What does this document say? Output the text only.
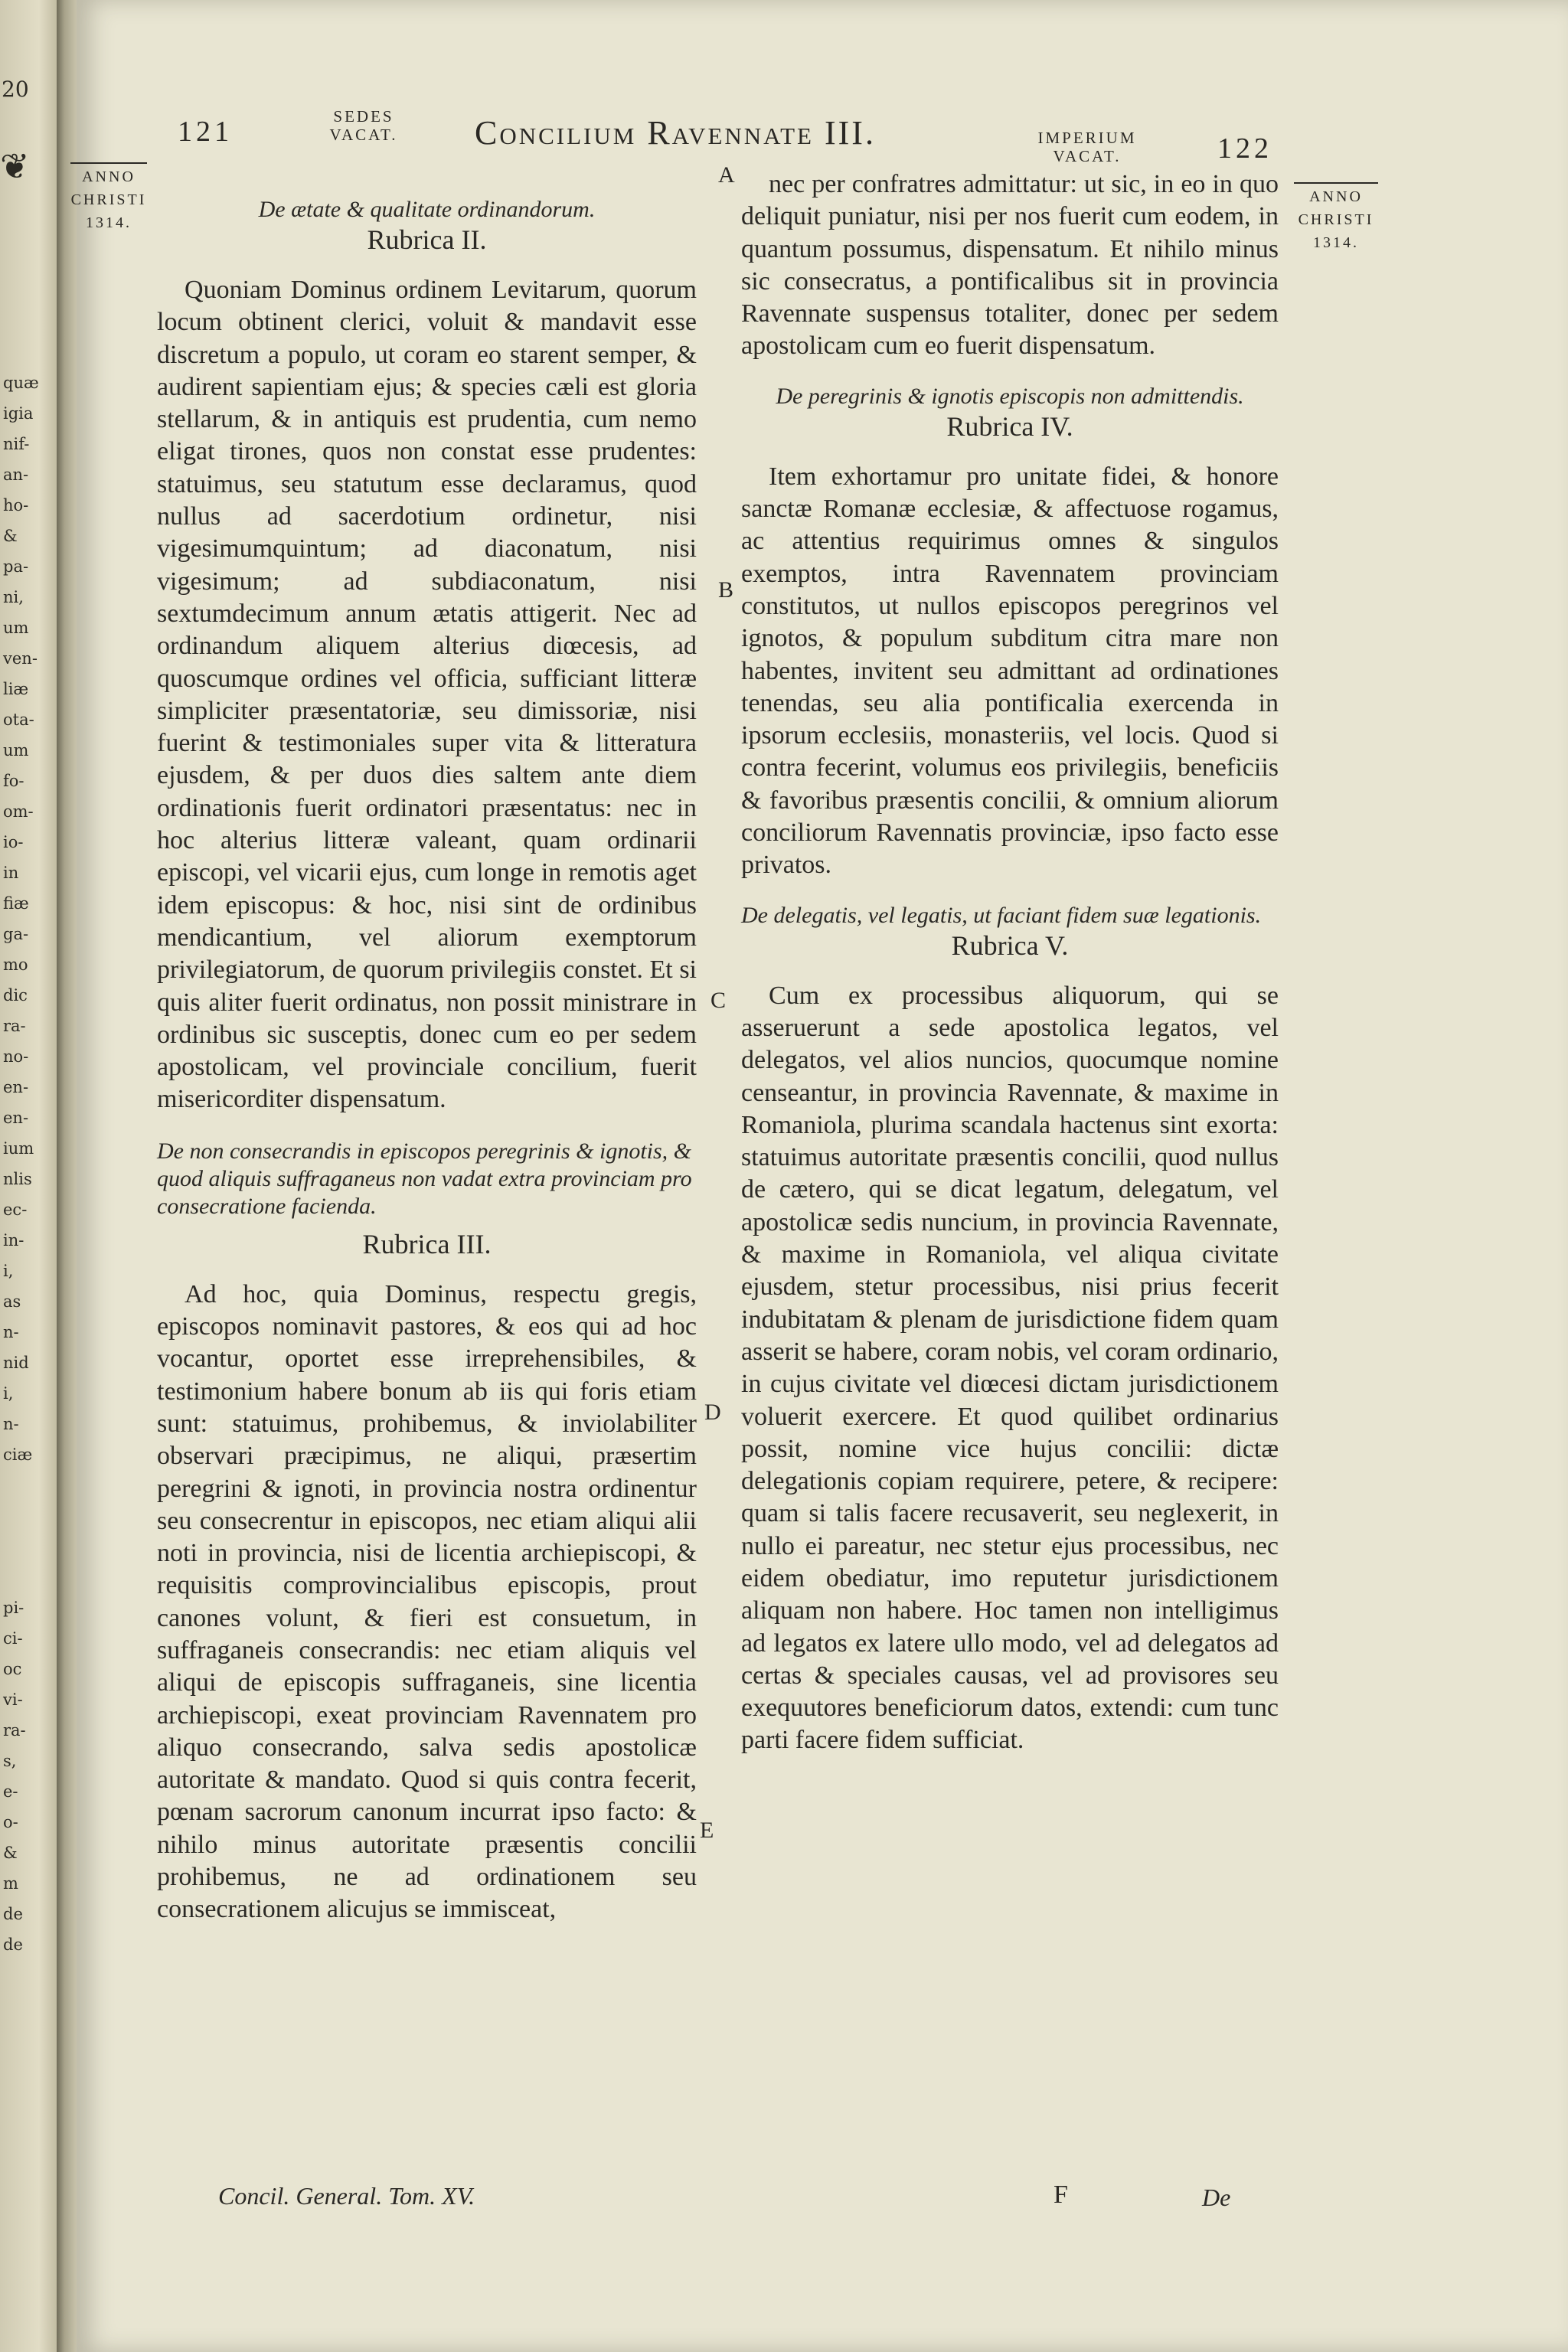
20
❦
quæ
igia
nif-
an-
ho-
&
pa-
ni,
um
ven-
liæ
ota-
um
fo-
om-
io-
in
fiæ
ga-
mo
dic
ra-
no-
en-
en-
ium
nlis
ec-
in-
i,
as
n-
nid
i,
n-
ciæ

pi-
ci-
oc
vi-
ra-
s,
e-
o-
&
m
de
de
ANNO CHRISTI
1314.
ANNO CHRISTI
1314.
121	SEDES VACAT.	Concilium Ravennate III.	IMPERIUM VACAT.	122
A
B
C
D
E

De ætate & qualitate ordinandorum.

Rubrica II.

Quoniam Dominus ordinem Levitarum, quorum locum obtinent clerici, voluit & mandavit esse discretum a populo, ut coram eo starent semper, & audirent sapientiam ejus; & species cæli est gloria stellarum, & in antiquis est prudentia, cum nemo eligat tirones, quos non constat esse prudentes: statuimus, seu statutum esse declaramus, quod nullus ad sacerdotium ordinetur, nisi vigesimumquintum; ad diaconatum, nisi vigesimum; ad subdiaconatum, nisi sextumdecimum annum ætatis attigerit. Nec ad ordinandum aliquem alterius diœcesis, ad quoscumque ordines vel officia, sufficiant litteræ simpliciter præsentatoriæ, seu dimissoriæ, nisi fuerint & testimoniales super vita & litteratura ejusdem, & per duos dies saltem ante diem ordinationis fuerit ordinatori præsentatus: nec in hoc alterius litteræ valeant, quam ordinarii episcopi, vel vicarii ejus, cum longe in remotis aget idem episcopus: & hoc, nisi sint de ordinibus mendicantium, vel aliorum exemptorum privilegiatorum, de quorum privilegiis constet. Et si quis aliter fuerit ordinatus, non possit ministrare in ordinibus sic susceptis, donec cum eo per sedem apostolicam, vel provinciale concilium, fuerit misericorditer dispensatum.

De non consecrandis in episcopos peregrinis & ignotis, & quod aliquis suffraganeus non vadat extra provinciam pro consecratione facienda.

Rubrica III.

Ad hoc, quia Dominus, respectu gregis, episcopos nominavit pastores, & eos qui ad hoc vocantur, oportet esse irreprehensibiles, & testimonium habere bonum ab iis qui foris etiam sunt: statuimus, prohibemus, & inviolabiliter observari præcipimus, ne aliqui, præsertim peregrini & ignoti, in provincia nostra ordinentur seu consecrentur in episcopos, nec etiam aliqui alii noti in provincia, nisi de licentia archiepiscopi, & requisitis comprovincialibus episcopis, prout canones volunt, & fieri est consuetum, in suffraganeis consecrandis: nec etiam aliquis vel aliqui de episcopis suffraganeis, sine licentia archiepiscopi, exeat provinciam Ravennatem pro aliquo consecrando, salva sedis apostolicæ autoritate & mandato. Quod si quis contra fecerit, pœnam sacrorum canonum incurrat ipso facto: & nihilo minus autoritate præsentis concilii prohibemus, ne ad ordinationem seu consecrationem alicujus se immisceat,

nec per confratres admittatur: ut sic, in eo in quo deliquit puniatur, nisi per nos fuerit cum eodem, in quantum possumus, dispensatum. Et nihilo minus sic consecratus, a pontificalibus sit in provincia Ravennate suspensus totaliter, donec per sedem apostolicam cum eo fuerit dispensatum.

De peregrinis & ignotis episcopis non admittendis.

Rubrica IV.

Item exhortamur pro unitate fidei, & honore sanctæ Romanæ ecclesiæ, & affectuose rogamus, ac attentius requirimus omnes & singulos exemptos, intra Ravennatem provinciam constitutos, ut nullos episcopos peregrinos vel ignotos, & populum subditum citra mare non habentes, invitent seu admittant ad ordinationes tenendas, seu alia pontificalia exercenda in ipsorum ecclesiis, monasteriis, vel locis. Quod si contra fecerint, volumus eos privilegiis, beneficiis & favoribus præsentis concilii, & omnium aliorum conciliorum Ravennatis provinciæ, ipso facto esse privatos.

De delegatis, vel legatis, ut faciant fidem suæ legationis.

Rubrica V.

Cum ex processibus aliquorum, qui se asseruerunt a sede apostolica legatos, vel delegatos, vel alios nuncios, quocumque nomine censeantur, in provincia Ravennate, & maxime in Romaniola, plurima scandala hactenus sint exorta: statuimus autoritate præsentis concilii, quod nullus de cætero, qui se dicat legatum, delegatum, vel apostolicæ sedis nuncium, in provincia Ravennate, & maxime in Romaniola, vel aliqua civitate ejusdem, stetur processibus, nisi prius fecerit indubitatam & plenam de jurisdictione fidem quam asserit se habere, coram nobis, vel coram ordinario, in cujus civitate vel diœcesi dictam jurisdictionem voluerit exercere. Et quod quilibet ordinarius possit, nomine vice hujus concilii: dictæ delegationis copiam requirere, petere, & recipere: quam si talis facere recusaverit, seu neglexerit, in nullo ei pareatur, nec stetur ejus processibus, nec eidem obediatur, imo reputetur jurisdictionem aliquam non habere. Hoc tamen non intelligimus ad legatos ex latere ullo modo, vel ad delegatos ad certas & speciales causas, vel ad provisores seu exequutores beneficiorum datos, extendi: cum tunc parti facere fidem sufficiat.

Concil. General. Tom. XV.	F	De
